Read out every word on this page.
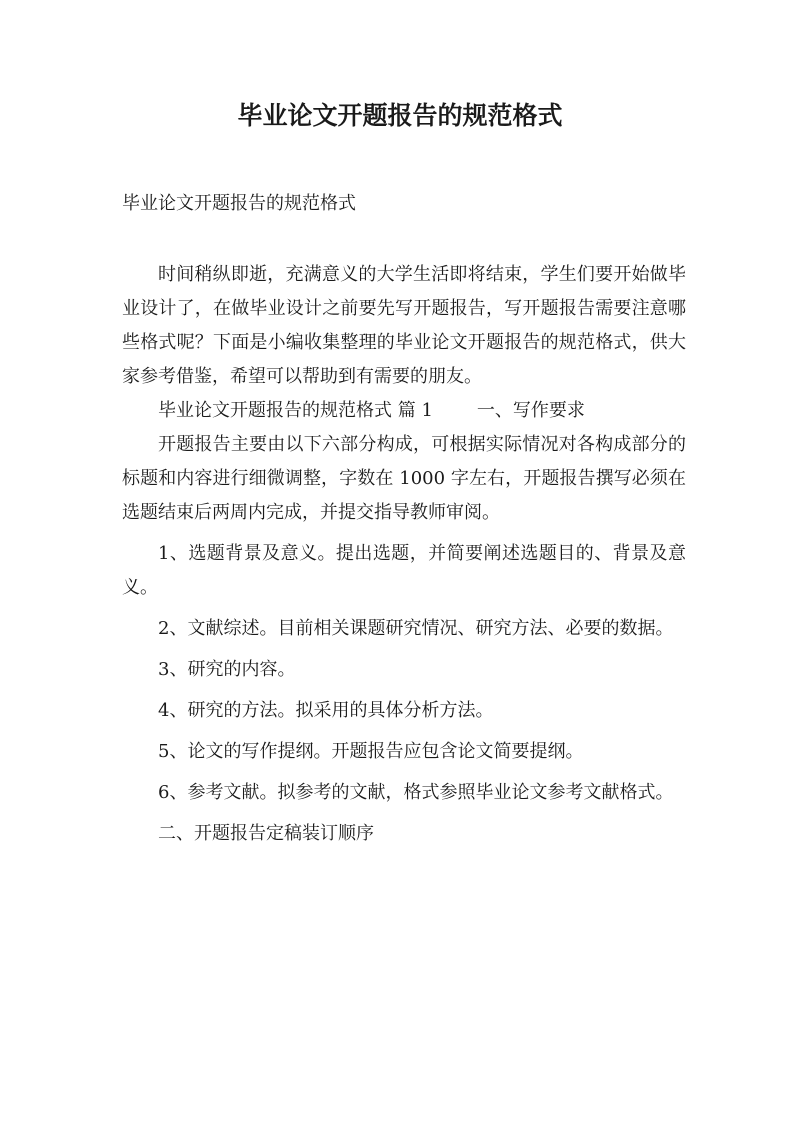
毕业论文开题报告的规范格式

毕业论文开题报告的规范格式

时间稍纵即逝，充满意义的大学生活即将结束，学生们要开始做毕业设计了，在做毕业设计之前要先写开题报告，写开题报告需要注意哪些格式呢？下面是小编收集整理的毕业论文开题报告的规范格式，供大家参考借鉴，希望可以帮助到有需要的朋友。

毕业论文开题报告的规范格式 篇 1 一、写作要求

开题报告主要由以下六部分构成，可根据实际情况对各构成部分的标题和内容进行细微调整，字数在 1000 字左右，开题报告撰写必须在选题结束后两周内完成，并提交指导教师审阅。

1、选题背景及意义。提出选题，并简要阐述选题目的、背景及意义。

2、文献综述。目前相关课题研究情况、研究方法、必要的数据。

3、研究的内容。

4、研究的方法。拟采用的具体分析方法。

5、论文的写作提纲。开题报告应包含论文简要提纲。

6、参考文献。拟参考的文献，格式参照毕业论文参考文献格式。

二、开题报告定稿装订顺序
